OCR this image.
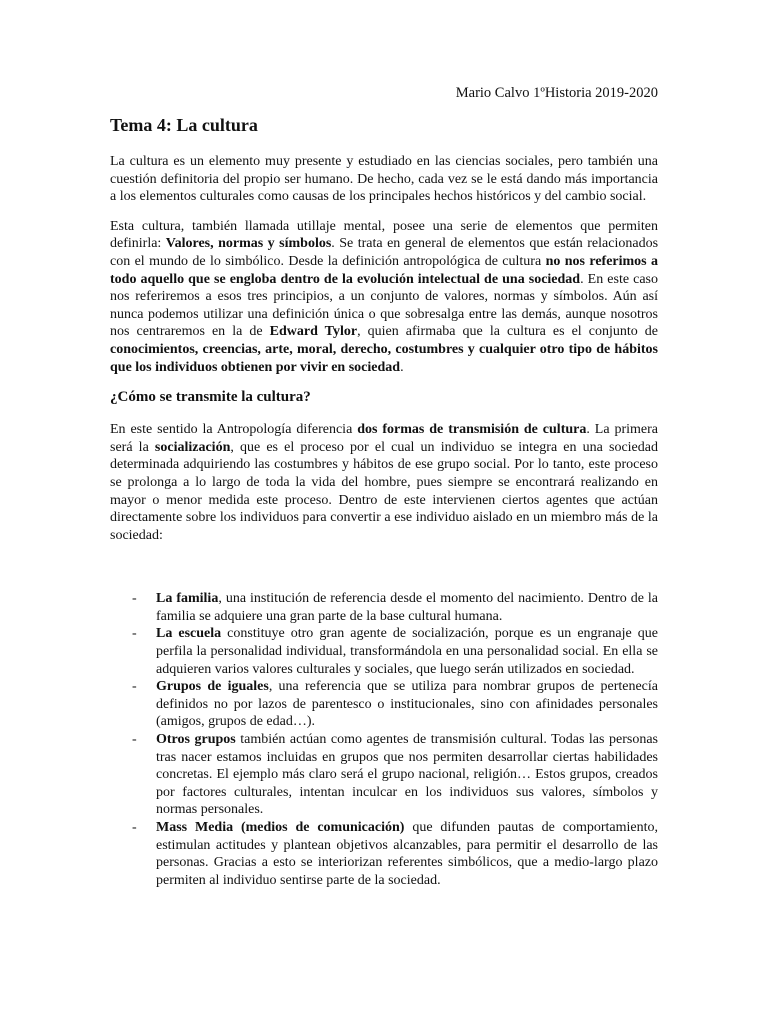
Mario Calvo 1ºHistoria 2019-2020
Tema 4: La cultura

La cultura es un elemento muy presente y estudiado en las ciencias sociales, pero también una cuestión definitoria del propio ser humano. De hecho, cada vez se le está dando más importancia a los elementos culturales como causas de los principales hechos históricos y del cambio social.

Esta cultura, también llamada utillaje mental, posee una serie de elementos que permiten definirla: Valores, normas y símbolos. Se trata en general de elementos que están relacionados con el mundo de lo simbólico. Desde la definición antropológica de cultura no nos referimos a todo aquello que se engloba dentro de la evolución intelectual de una sociedad. En este caso nos referiremos a esos tres principios, a un conjunto de valores, normas y símbolos. Aún así nunca podemos utilizar una definición única o que sobresalga entre las demás, aunque nosotros nos centraremos en la de Edward Tylor, quien afirmaba que la cultura es el conjunto de conocimientos, creencias, arte, moral, derecho, costumbres y cualquier otro tipo de hábitos que los individuos obtienen por vivir en sociedad.

¿Cómo se transmite la cultura?

En este sentido la Antropología diferencia dos formas de transmisión de cultura. La primera será la socialización, que es el proceso por el cual un individuo se integra en una sociedad determinada adquiriendo las costumbres y hábitos de ese grupo social. Por lo tanto, este proceso se prolonga a lo largo de toda la vida del hombre, pues siempre se encontrará realizando en mayor o menor medida este proceso. Dentro de este intervienen ciertos agentes que actúan directamente sobre los individuos para convertir a ese individuo aislado en un miembro más de la sociedad:

- La familia, una institución de referencia desde el momento del nacimiento. Dentro de la familia se adquiere una gran parte de la base cultural humana.
- La escuela constituye otro gran agente de socialización, porque es un engranaje que perfila la personalidad individual, transformándola en una personalidad social. En ella se adquieren varios valores culturales y sociales, que luego serán utilizados en sociedad.
- Grupos de iguales, una referencia que se utiliza para nombrar grupos de pertenecía definidos no por lazos de parentesco o institucionales, sino con afinidades personales (amigos, grupos de edad…).
- Otros grupos también actúan como agentes de transmisión cultural. Todas las personas tras nacer estamos incluidas en grupos que nos permiten desarrollar ciertas habilidades concretas. El ejemplo más claro será el grupo nacional, religión… Estos grupos, creados por factores culturales, intentan inculcar en los individuos sus valores, símbolos y normas personales.
- Mass Media (medios de comunicación) que difunden pautas de comportamiento, estimulan actitudes y plantean objetivos alcanzables, para permitir el desarrollo de las personas. Gracias a esto se interiorizan referentes simbólicos, que a medio-largo plazo permiten al individuo sentirse parte de la sociedad.
